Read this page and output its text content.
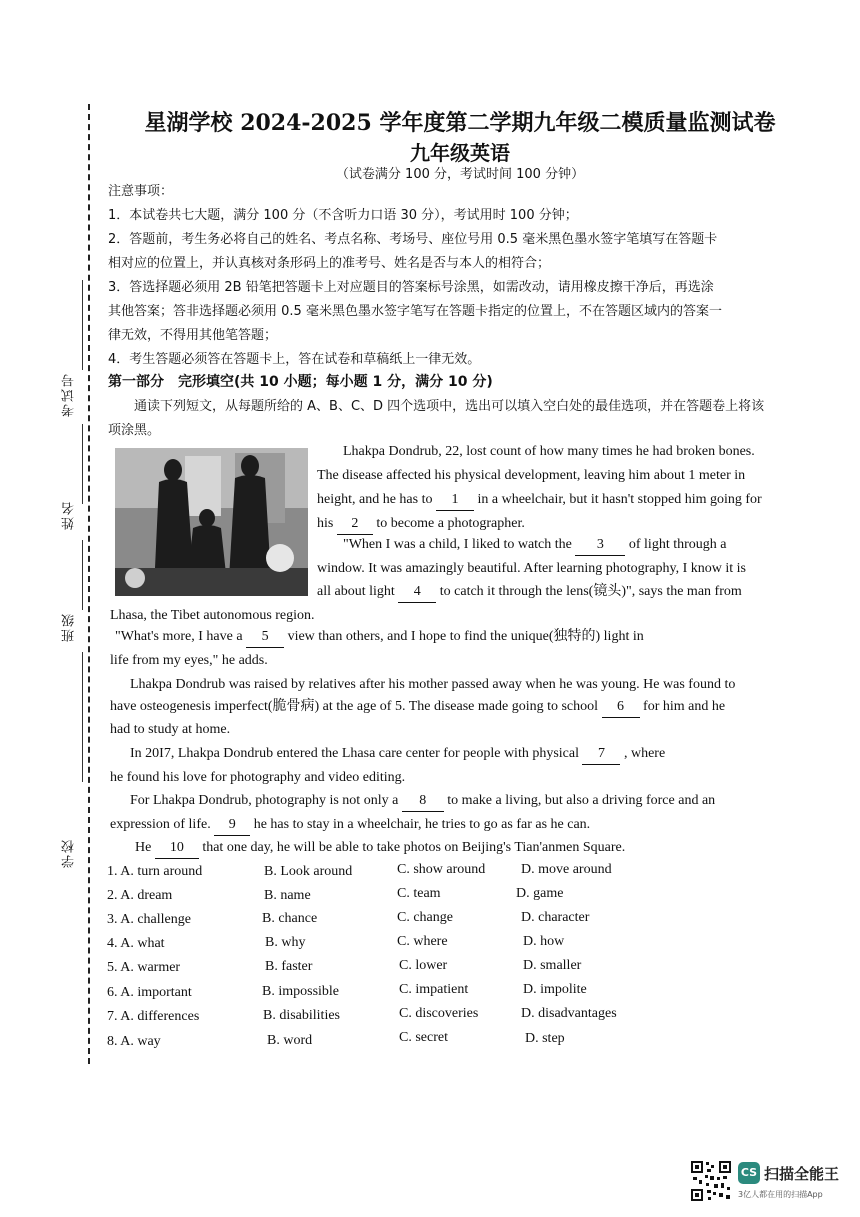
考试号
姓名
班级
学校
星湖学校 2024-2025 学年度第二学期九年级二模质量监测试卷
九年级英语
（试卷满分 100 分，考试时间 100 分钟）

注意事项：

1．本试卷共七大题，满分 100 分（不含听力口语 30 分），考试用时 100 分钟；

2．答题前，考生务必将自己的姓名、考点名称、考场号、座位号用 0.5 毫米黑色墨水签字笔填写在答题卡

相对应的位置上，并认真核对条形码上的准考号、姓名是否与本人的相符合；

3．答选择题必须用 2B 铅笔把答题卡上对应题目的答案标号涂黑，如需改动，请用橡皮擦干净后，再选涂

其他答案；答非选择题必须用 0.5 毫米黑色墨水签字笔写在答题卡指定的位置上，不在答题区域内的答案一

律无效，不得用其他笔答题；

4．考生答题必须答在答题卡上，答在试卷和草稿纸上一律无效。

第一部分　完形填空(共 10 小题；每小题 1 分，满分 10 分)
通读下列短文，从每题所给的 A、B、C、D 四个选项中，选出可以填入空白处的最佳选项，并在答题卷上将该项涂黑。
Lhakpa Dondrub, 22, lost count of how many times he had broken bones.
The disease affected his physical development, leaving him about 1 meter in
height, and he has to 1 in a wheelchair, but it hasn't stopped him going for
his 2 to become a photographer.
"When I was a child, I liked to watch the 3 of light through a
window. It was amazingly beautiful. After learning photography, I know it is
all about light 4 to catch it through the lens(镜头)", says the man from
Lhasa, the Tibet autonomous region.
"What's more, I have a 5 view than others, and I hope to find the unique(独特的) light in
life from my eyes," he adds.
Lhakpa Dondrub was raised by relatives after his mother passed away when he was young. He was found to
have osteogenesis imperfect(脆骨病) at the age of 5. The disease made going to school 6 for him and he
had to study at home.
In 20I7, Lhakpa Dondrub entered the Lhasa care center for people with physical 7 , where
he found his love for photography and video editing.
For Lhakpa Dondrub, photography is not only a 8 to make a living, but also a driving force and an
expression of life. 9 he has to stay in a wheelchair, he tries to go as far as he can.
He 10 that one day, he will be able to take photos on Beijing's Tian'anmen Square.
1. A. turn around	B. Look around	C. show around	D. move around
2. A. dream	B. name	C. team	D. game
3. A. challenge	B. chance	C. change	D. character
4. A. what	B. why	C. where	D. how
5. A. warmer	B. faster	C. lower	D. smaller
6. A. important	B. impossible	C. impatient	D. impolite
7. A. differences	B. disabilities	C. discoveries	D. disadvantages
8. A. way	B. word	C. secret	D. step
CS 扫描全能王
3亿人都在用的扫描App
